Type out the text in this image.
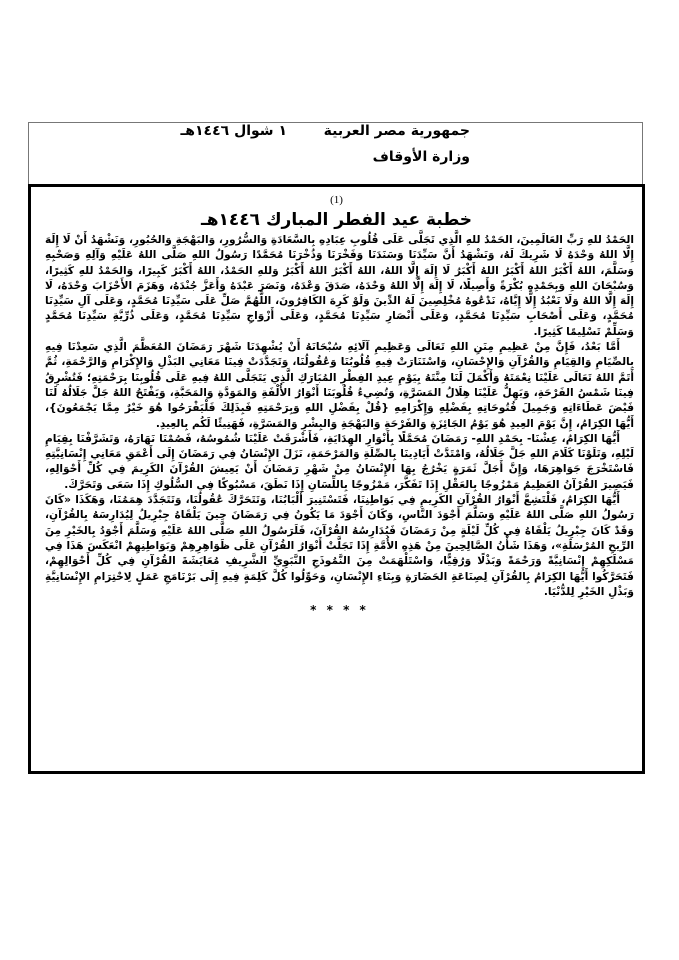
جمهورية مصر العربية
وزارة الأوقاف
١ شوال ١٤٤٦هـ
(1)
خطبة عيد الفطر المبارك ١٤٤٦هـ

الحَمْدُ للهِ رَبِّ العَالَمِينَ، الحَمْدُ للهِ الَّذِي تَجَلَّى عَلَى قُلُوبِ عِبَادِهِ بِالسَّعَادَةِ وَالسُّرُورِ، وَالبَهْجَةِ وَالحُبُورِ، وَنَشْهَدُ أَنْ لَا إِلَهَ إِلَّا اللهُ وَحْدَهُ لَا شَرِيكَ لَهُ، وَنَشْهَدُ أَنَّ سَيِّدَنَا وَسَنَدَنَا وَفَخْرَنَا وَذُخْرَنَا مُحَمَّدًا رَسُولُ اللهِ صَلَّى اللهُ عَلَيْهِ وَآلِهِ وَصَحْبِهِ وَسَلَّمَ، اللهُ أَكْبَرُ اللهُ أَكْبَرُ اللهُ أَكْبَرُ لَا إِلَهَ إِلَّا اللهُ، اللهُ أَكْبَرُ اللهُ أَكْبَرُ وَللهِ الحَمْدُ، اللهُ أَكْبَرُ كَبِيرًا، وَالحَمْدُ للهِ كَثِيرًا، وَسُبْحَانَ اللهِ وَبِحَمْدِهِ بُكْرَةً وَأَصِيلًا، لَا إِلَهَ إِلَّا اللهُ وَحْدَهُ، صَدَقَ وَعْدَهُ، وَنَصَرَ عَبْدَهُ وَأَعَزَّ جُنْدَهُ، وَهَزَمَ الأَحْزَابَ وَحْدَهُ، لَا إِلَهَ إِلَّا اللهُ وَلَا نَعْبُدُ إِلَّا إِيَّاهُ، نَدْعُوهُ مُخْلِصِينَ لَهُ الدِّينَ وَلَوْ كَرِهَ الكَافِرُونَ، اللَّهُمَّ صَلِّ عَلَى سَيِّدِنَا مُحَمَّدٍ، وَعَلَى آلِ سَيِّدِنَا مُحَمَّدٍ، وَعَلَى أَصْحَابِ سَيِّدِنَا مُحَمَّدٍ، وَعَلَى أَنْصَارِ سَيِّدِنَا مُحَمَّدٍ، وَعَلَى أَزْوَاجِ سَيِّدِنَا مُحَمَّدٍ، وَعَلَى ذُرِّيَّةِ سَيِّدِنَا مُحَمَّدٍ وَسَلِّمْ تَسْلِيمًا كَثِيرًا.

أَمَّا بَعْدُ، فَإِنَّ مِنْ عَظِيمِ مِنَنِ اللهِ تَعَالَى وَعَظِيمِ آلَائِهِ سُبْحَانَهُ أَنْ يُشْهِدَنَا شَهْرَ رَمَضَانَ المُعَظَّمَ الَّذِي سَعِدْنَا فِيهِ بِالصِّيَامِ وَالقِيَامِ وَالقُرْآنِ وَالإِحْسَانِ، وَاسْتَنَارَتْ فِيهِ قُلُوبُنَا وَعُقُولُنَا، وَتَجَدَّدَتْ فِينَا مَعَانِي البَذْلِ وَالإِكْرَامِ وَالرَّحْمَةِ، ثُمَّ أَتَمَّ اللهُ تَعَالَى عَلَيْنَا نِعْمَتَهُ وَأَكْمَلَ لَنَا مِنَّتَهُ بِيَوْمِ عِيدِ الفِطْرِ المُبَارَكِ الَّذِي يَتَجَلَّى اللهُ فِيهِ عَلَى قُلُوبِنَا بِرَحْمَتِهِ؛ فَتُشْرِقُ فِينَا شَمْسُ الفَرْحَةِ، وَيَهِلُّ عَلَيْنَا هِلَالُ المَسَرَّةِ، وَتُضِيءُ قُلُوبَنَا أَنْوَارُ الأُلْفَةِ وَالمَوَدَّةِ وَالمَحَبَّةِ، وَيَفْتَحُ اللهُ جَلَّ جَلَالُهُ لَنَا فَيْضَ عَطَاءَاتِهِ وَجَمِيلَ فُتُوحَاتِهِ بِفَضْلِهِ وَإِكْرَامِهِ {قُلْ بِفَضْلِ اللهِ وَبِرَحْمَتِهِ فَبِذَلِكَ فَلْيَفْرَحُوا هُوَ خَيْرٌ مِمَّا يَجْمَعُونَ}، أَيُّهَا الكِرَامُ، إِنَّ يَوْمَ العِيدِ هُوَ يَوْمُ الجَائِزَةِ وَالفَرْحَةِ وَالبَهْجَةِ وَالبِشْرِ وَالمَسَرَّةِ، فَهَنِيئًا لَكُم بِالعِيدِ.

أَيُّهَا الكِرَامُ، عِشْنَا- بِحَمْدِ اللهِ- رَمَضَانَ مُحَمَّلًا بِأَنْوَارِ الهِدَايَةِ، فَأَشْرَقَتْ عَلَيْنَا شُمُوسُهُ، فَصُمْنَا نَهَارَهُ، وَتَشَرَّفْنَا بِقِيَامِ لَيْلِهِ، وَتَلَوْنَا كَلَامَ اللهِ جَلَّ جَلَالُهُ، وَامْتَدَّتْ أَيَادِينَا بِالصِّلَةِ وَالمَرْحَمَةِ، نَزَلَ الإِنْسَانُ فِي رَمَضَانَ إِلَى أَعْمَقِ مَعَانِي إِنْسَانِيَّتِهِ فَاسْتَخْرَجَ جَوَاهِرَهَا، وَإِنَّ أَجَلَّ ثَمَرَةٍ يَخْرُجُ بِهَا الإِنْسَانُ مِنْ شَهْرِ رَمَضَانَ أَنْ يَعِيشَ القُرْآنَ الكَرِيمَ فِي كُلِّ أَحْوَالِهِ، فَيَصِيرَ القُرْآنُ العَظِيمُ مَمْزُوجًا بِالعَقْلِ إِذَا تَفَكَّرَ، مَمْزُوجًا بِاللِّسَانِ إِذَا نَطَقَ، مَسْبُوكًا فِي السُّلُوكِ إِذَا سَعَى وَتَحَرَّكَ.

أَيُّهَا الكِرَامُ، فَلْتَشِعَّ أَنْوَارُ القُرْآنِ الكَرِيمِ فِي بَوَاطِنِنَا، فَتَسْتَنِيرَ أَلْبَابُنَا، وَتَتَحَرَّكَ عُقُولُنَا، وَتَتَجَدَّدَ هِمَمُنَا، وَهَكَذَا «كَانَ رَسُولُ اللهِ صَلَّى اللهُ عَلَيْهِ وَسَلَّمَ أَجْوَدَ النَّاسِ، وَكَانَ أَجْوَدَ مَا يَكُونُ فِي رَمَضَانَ حِينَ يَلْقَاهُ جِبْرِيلُ لِيُدَارِسَهُ بِالقُرْآنِ، وَقَدْ كَانَ جِبْرِيلُ يَلْقَاهُ فِي كُلِّ لَيْلَةٍ مِنْ رَمَضَانَ فَيُدَارِسُهُ القُرْآنَ، فَلَرَسُولُ اللهِ صَلَّى اللهُ عَلَيْهِ وَسَلَّمَ أَجْوَدُ بِالخَيْرِ مِنَ الرِّيحِ المُرْسَلَةِ»، وَهَذَا شَأْنُ الصَّالِحِينَ مِنْ هَذِهِ الأُمَّةِ إِذَا تَجَلَّتْ أَنْوَارُ القُرْآنِ عَلَى ظَوَاهِرِهِمْ وَبَوَاطِنِهِمْ انْعَكَسَ هَذَا فِي مَسْلَكِهِمْ إِنْسَانِيَّةً وَرَحْمَةً وَبَذْلًا وَرُقِيًّا، وَاسْتَلْهَمَتْ مِنَ النَّمُوذَجِ النَّبَوِيِّ الشَّرِيفِ مُعَايَشَةَ القُرْآنِ فِي كُلِّ أَحْوَالِهِمْ، فَتَحَرَّكُوا أَيُّهَا الكِرَامُ بِالقُرْآنِ لِصِنَاعَةِ الحَضَارَةِ وَبِنَاءِ الإِنْسَانِ، وَحَوِّلُوا كُلَّ كَلِمَةٍ فِيهِ إِلَى بَرْنَامَجِ عَمَلٍ لِاحْتِرَامِ الإِنْسَانِيَّةِ وَبَذْلِ الخَيْرِ لِلدُّنْيَا.

* * * *
